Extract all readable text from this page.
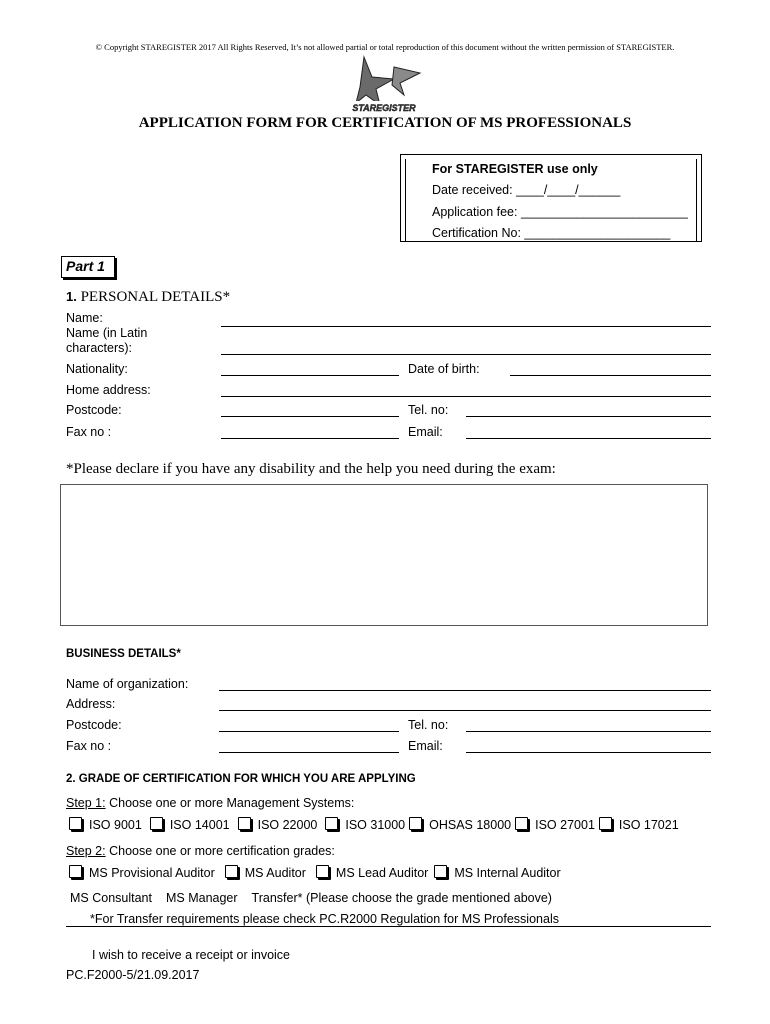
© Copyright STAREGISTER 2017 All Rights Reserved, It’s not allowed partial or total reproduction of this document without the written permission of STAREGISTER.
STAREGISTER
APPLICATION FORM FOR CERTIFICATION OF MS PROFESSIONALS
For STAREGISTER use only
Date received: ____/____/______
Application fee: ________________________
Certification No: _____________________
Part 1
1. PERSONAL DETAILS*
Name:
Name (in Latin
characters):
Nationality:	Date of birth:
Home address:
Postcode:	Tel. no:
Fax no :	Email:
*Please declare if you have any disability and the help you need during the exam:
BUSINESS DETAILS*
Name of organization:
Address:
Postcode:	Tel. no:
Fax no :	Email:
2. GRADE OF CERTIFICATION FOR WHICH YOU ARE APPLYING
Step 1: Choose one or more Management Systems:
ISO 9001 ISO 14001 ISO 22000 ISO 31000 OHSAS 18000 ISO 27001 ISO 17021
Step 2: Choose one or more certification grades:
MS Provisional Auditor MS Auditor MS Lead Auditor MS Internal Auditor
MS Consultant MS Manager Transfer* (Please choose the grade mentioned above)
*For Transfer requirements please check PC.R2000 Regulation for MS Professionals
I wish to receive a receipt or invoice
PC.F2000-5/21.09.2017
